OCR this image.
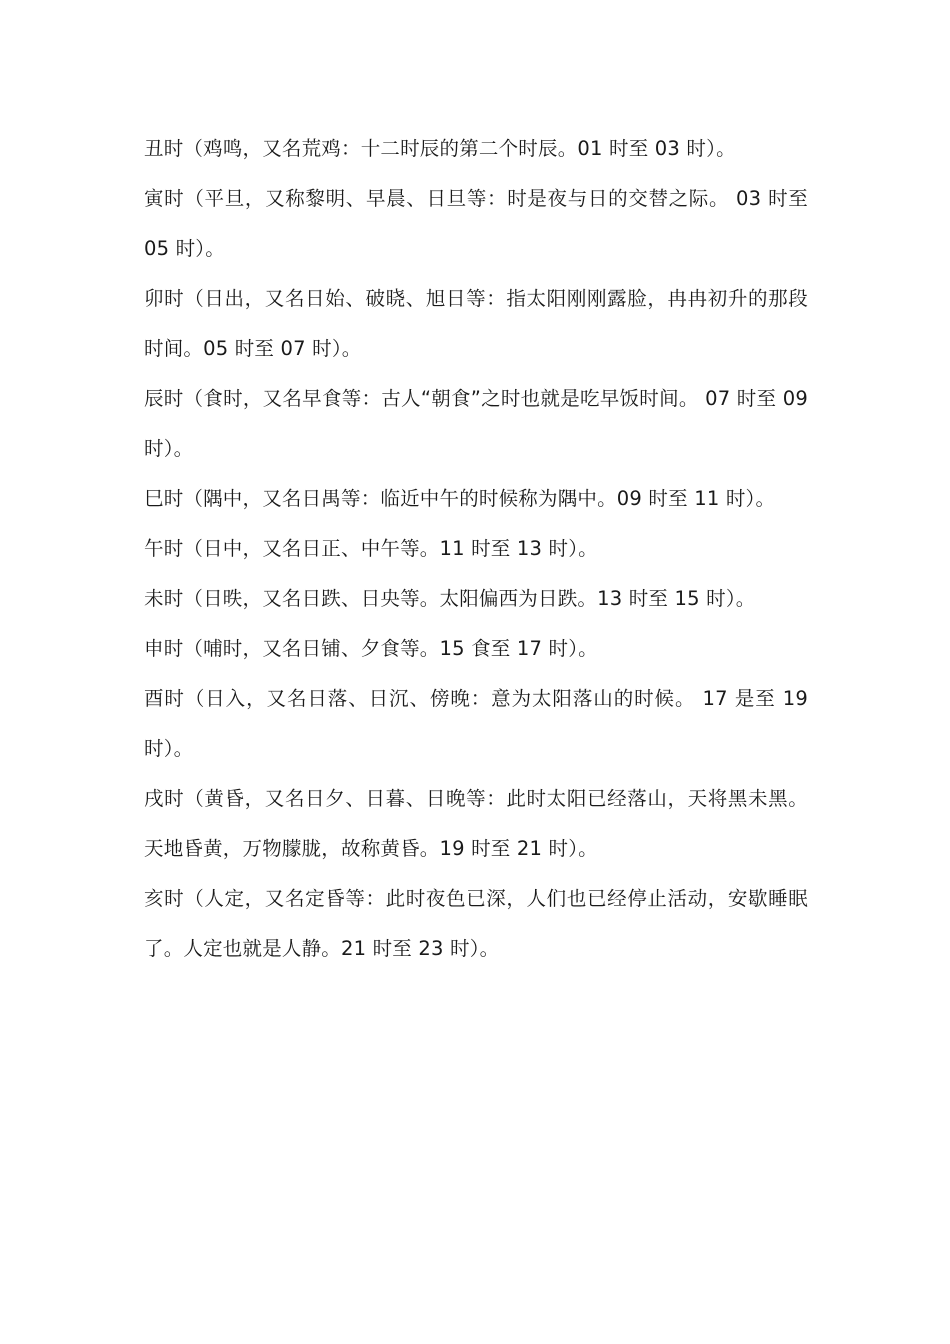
丑时（鸡鸣，又名荒鸡：十二时辰的第二个时辰。01 时至 03 时）。

寅时（平旦，又称黎明、早晨、日旦等：时是夜与日的交替之际。 03 时至 05 时）。

卯时（日出，又名日始、破晓、旭日等：指太阳刚刚露脸，冉冉初升的那段时间。05 时至 07 时）。

辰时（食时，又名早食等：古人“朝食”之时也就是吃早饭时间。 07 时至 09 时）。

巳时（隅中，又名日禺等：临近中午的时候称为隅中。09 时至 11 时）。

午时（日中，又名日正、中午等。11 时至 13 时）。

未时（日昳，又名日跌、日央等。太阳偏西为日跌。13 时至 15 时）。

申时（哺时，又名日铺、夕食等。15 食至 17 时）。

酉时（日入，又名日落、日沉、傍晚：意为太阳落山的时候。 17 是至 19 时）。

戌时（黄昏，又名日夕、日暮、日晚等：此时太阳已经落山，天将黑未黑。天地昏黄，万物朦胧，故称黄昏。19 时至 21 时）。

亥时（人定，又名定昏等：此时夜色已深，人们也已经停止活动，安歇睡眠了。人定也就是人静。21 时至 23 时）。
